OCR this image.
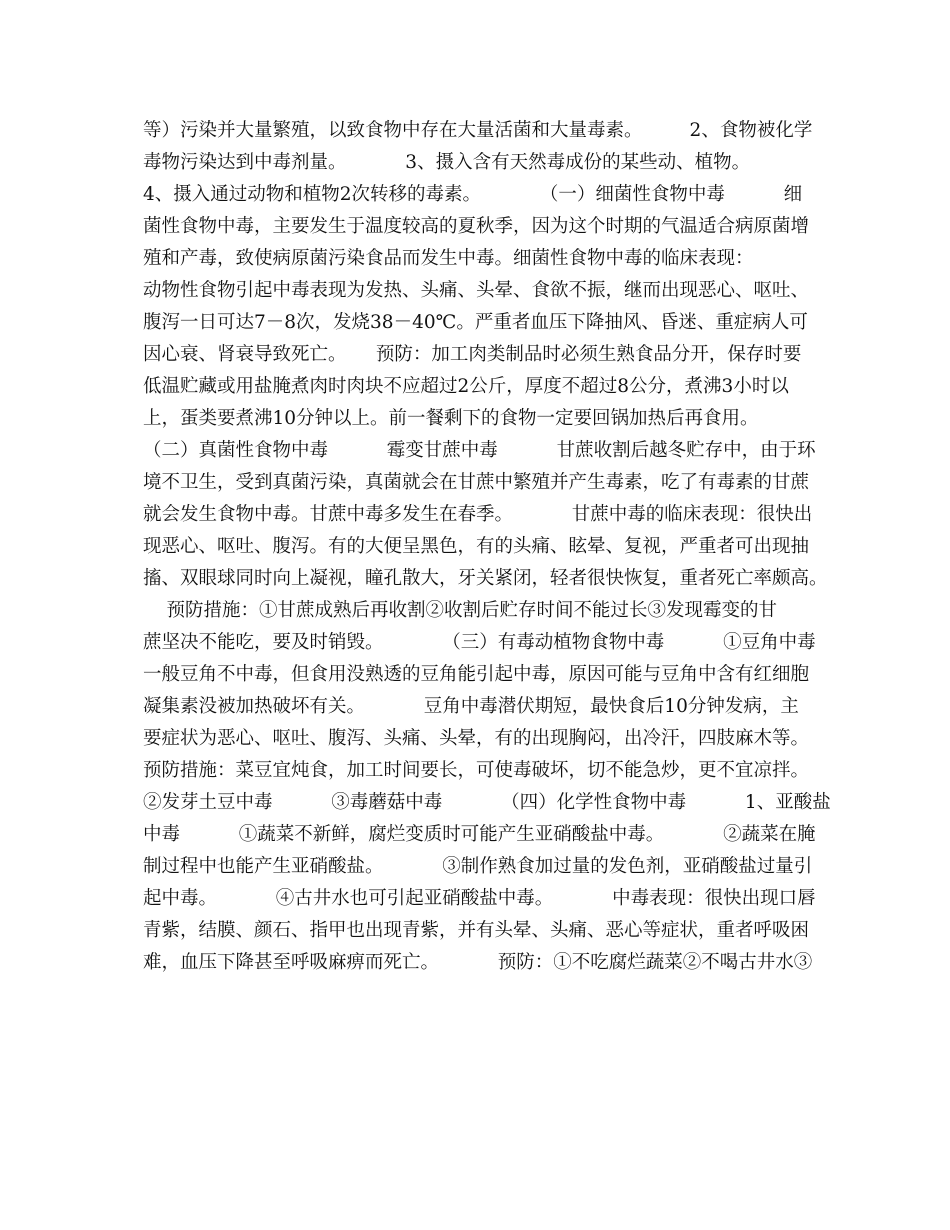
等）污染并大量繁殖，以致食物中存在大量活菌和大量毒素。        2、食物被化学
毒物污染达到中毒剂量。          3、摄入含有天然毒成份的某些动、植物。
4、摄入通过动物和植物2次转移的毒素。          （一）细菌性食物中毒          细
菌性食物中毒，主要发生于温度较高的夏秋季，因为这个时期的气温适合病原菌增
殖和产毒，致使病原菌污染食品而发生中毒。细菌性食物中毒的临床表现：
动物性食物引起中毒表现为发热、头痛、头晕、食欲不振，继而出现恶心、呕吐、
腹泻一日可达7－8次，发烧38－40℃。严重者血压下降抽风、昏迷、重症病人可
因心衰、肾衰导致死亡。     预防：加工肉类制品时必须生熟食品分开，保存时要
低温贮藏或用盐腌煮肉时肉块不应超过2公斤，厚度不超过8公分，煮沸3小时以
上，蛋类要煮沸10分钟以上。前一餐剩下的食物一定要回锅加热后再食用。
（二）真菌性食物中毒          霉变甘蔗中毒          甘蔗收割后越冬贮存中，由于环
境不卫生，受到真菌污染，真菌就会在甘蔗中繁殖并产生毒素，吃了有毒素的甘蔗
就会发生食物中毒。甘蔗中毒多发生在春季。          甘蔗中毒的临床表现：很快出
现恶心、呕吐、腹泻。有的大便呈黑色，有的头痛、眩晕、复视，严重者可出现抽
搐、双眼球同时向上凝视，瞳孔散大，牙关紧闭，轻者很快恢复，重者死亡率颇高。
预防措施：①甘蔗成熟后再收割②收割后贮存时间不能过长③发现霉变的甘
蔗坚决不能吃，要及时销毁。          （三）有毒动植物食物中毒          ①豆角中毒
一般豆角不中毒，但食用没熟透的豆角能引起中毒，原因可能与豆角中含有红细胞
凝集素没被加热破坏有关。          豆角中毒潜伏期短，最快食后10分钟发病，主
要症状为恶心、呕吐、腹泻、头痛、头晕，有的出现胸闷，出冷汗，四肢麻木等。
预防措施：菜豆宜炖食，加工时间要长，可使毒破坏，切不能急炒，更不宜凉拌。
②发芽土豆中毒          ③毒蘑菇中毒          （四）化学性食物中毒          1、亚酸盐
中毒          ①蔬菜不新鲜，腐烂变质时可能产生亚硝酸盐中毒。          ②蔬菜在腌
制过程中也能产生亚硝酸盐。          ③制作熟食加过量的发色剂，亚硝酸盐过量引
起中毒。          ④古井水也可引起亚硝酸盐中毒。          中毒表现：很快出现口唇
青紫，结膜、颜石、指甲也出现青紫，并有头晕、头痛、恶心等症状，重者呼吸困
难，血压下降甚至呼吸麻痹而死亡。          预防：①不吃腐烂蔬菜②不喝古井水③
